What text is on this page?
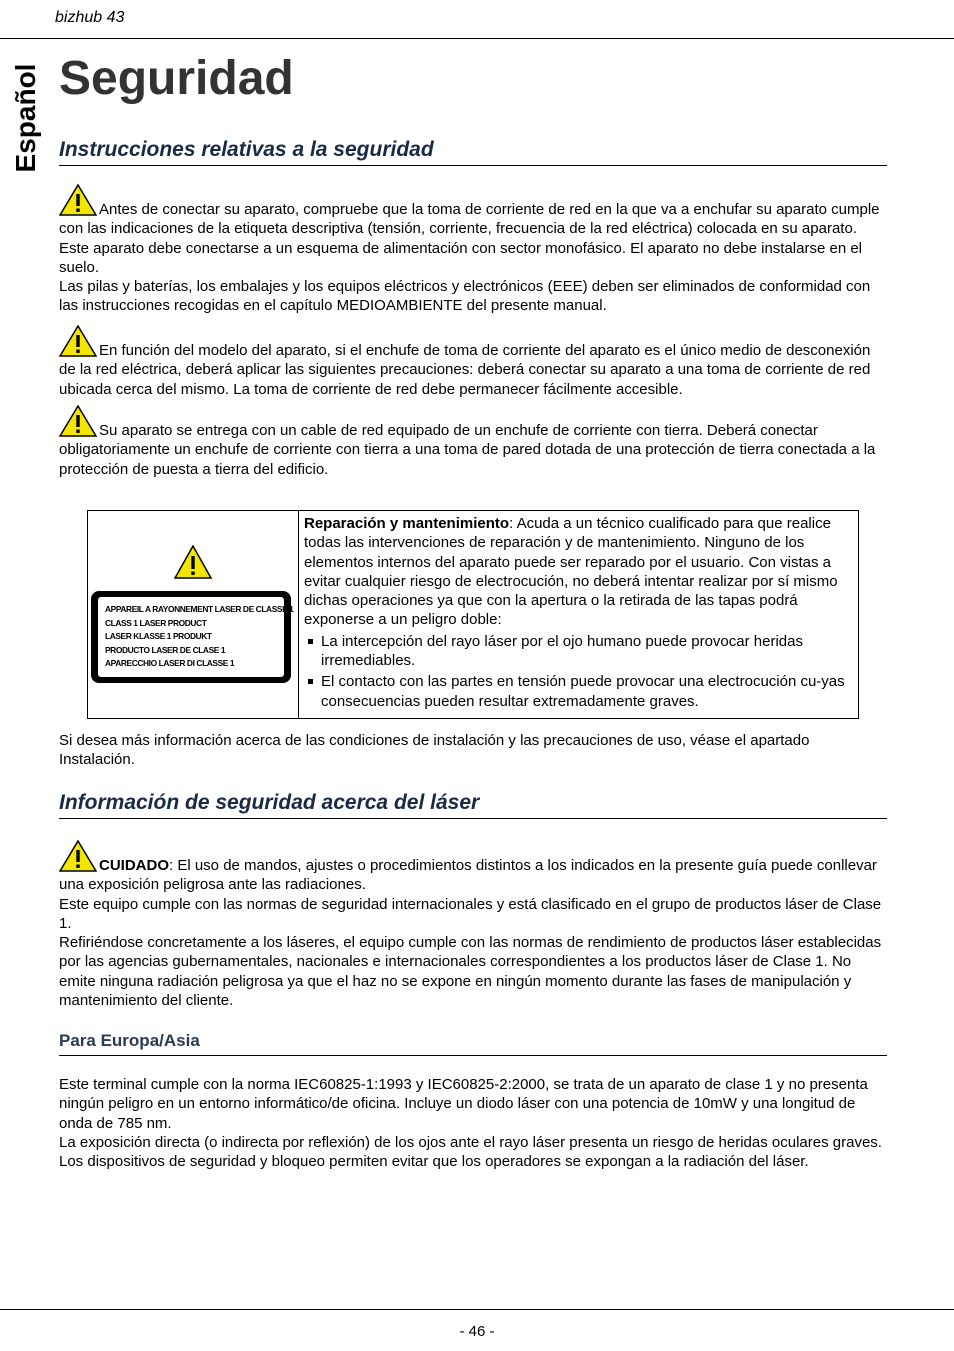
bizhub 43
Español Seguridad
Instrucciones relativas a la seguridad
Antes de conectar su aparato, compruebe que la toma de corriente de red en la que va a enchufar su aparato cumple con las indicaciones de la etiqueta descriptiva (tensión, corriente, frecuencia de la red eléctrica) colocada en su aparato. Este aparato debe conectarse a un esquema de alimentación con sector monofásico. El aparato no debe instalarse en el suelo.
Las pilas y baterías, los embalajes y los equipos eléctricos y electrónicos (EEE) deben ser eliminados de conformidad con las instrucciones recogidas en el capítulo MEDIOAMBIENTE del presente manual.
En función del modelo del aparato, si el enchufe de toma de corriente del aparato es el único medio de desconexión de la red eléctrica, deberá aplicar las siguientes precauciones: deberá conectar su aparato a una toma de corriente de red ubicada cerca del mismo. La toma de corriente de red debe permanecer fácilmente accesible.
Su aparato se entrega con un cable de red equipado de un enchufe de corriente con tierra. Deberá conectar obligatoriamente un enchufe de corriente con tierra a una toma de pared dotada de una protección de tierra conectada a la protección de puesta a tierra del edificio.
APPAREIL A RAYONNEMENT LASER DE CLASSE 1
CLASS 1 LASER PRODUCT
LASER KLASSE 1 PRODUKT
PRODUCTO LASER DE CLASE 1
APARECCHIO LASER DI CLASSE 1

Reparación y mantenimiento: Acuda a un técnico cualificado para que realice todas las intervenciones de reparación y de mantenimiento. Ninguno de los elementos internos del aparato puede ser reparado por el usuario. Con vistas a evitar cualquier riesgo de electrocución, no deberá intentar realizar por sí mismo dichas operaciones ya que con la apertura o la retirada de las tapas podrá exponerse a un peligro doble:

La intercepción del rayo láser por el ojo humano puede provocar heridas irremediables.
El contacto con las partes en tensión puede provocar una electrocución cu-yas consecuencias pueden resultar extremadamente graves.
Si desea más información acerca de las condiciones de instalación y las precauciones de uso, véase el apartado Instalación.
Información de seguridad acerca del láser
CUIDADO: El uso de mandos, ajustes o procedimientos distintos a los indicados en la presente guía puede conllevar una exposición peligrosa ante las radiaciones.
Este equipo cumple con las normas de seguridad internacionales y está clasificado en el grupo de productos láser de Clase 1.
Refiriéndose concretamente a los láseres, el equipo cumple con las normas de rendimiento de productos láser establecidas por las agencias gubernamentales, nacionales e internacionales correspondientes a los productos láser de Clase 1. No emite ninguna radiación peligrosa ya que el haz no se expone en ningún momento durante las fases de manipulación y mantenimiento del cliente.
Para Europa/Asia
Este terminal cumple con la norma IEC60825-1:1993 y IEC60825-2:2000, se trata de un aparato de clase 1 y no presenta ningún peligro en un entorno informático/de oficina. Incluye un diodo láser con una potencia de 10mW y una longitud de onda de 785 nm.
La exposición directa (o indirecta por reflexión) de los ojos ante el rayo láser presenta un riesgo de heridas oculares graves. Los dispositivos de seguridad y bloqueo permiten evitar que los operadores se expongan a la radiación del láser.
- 46 -
